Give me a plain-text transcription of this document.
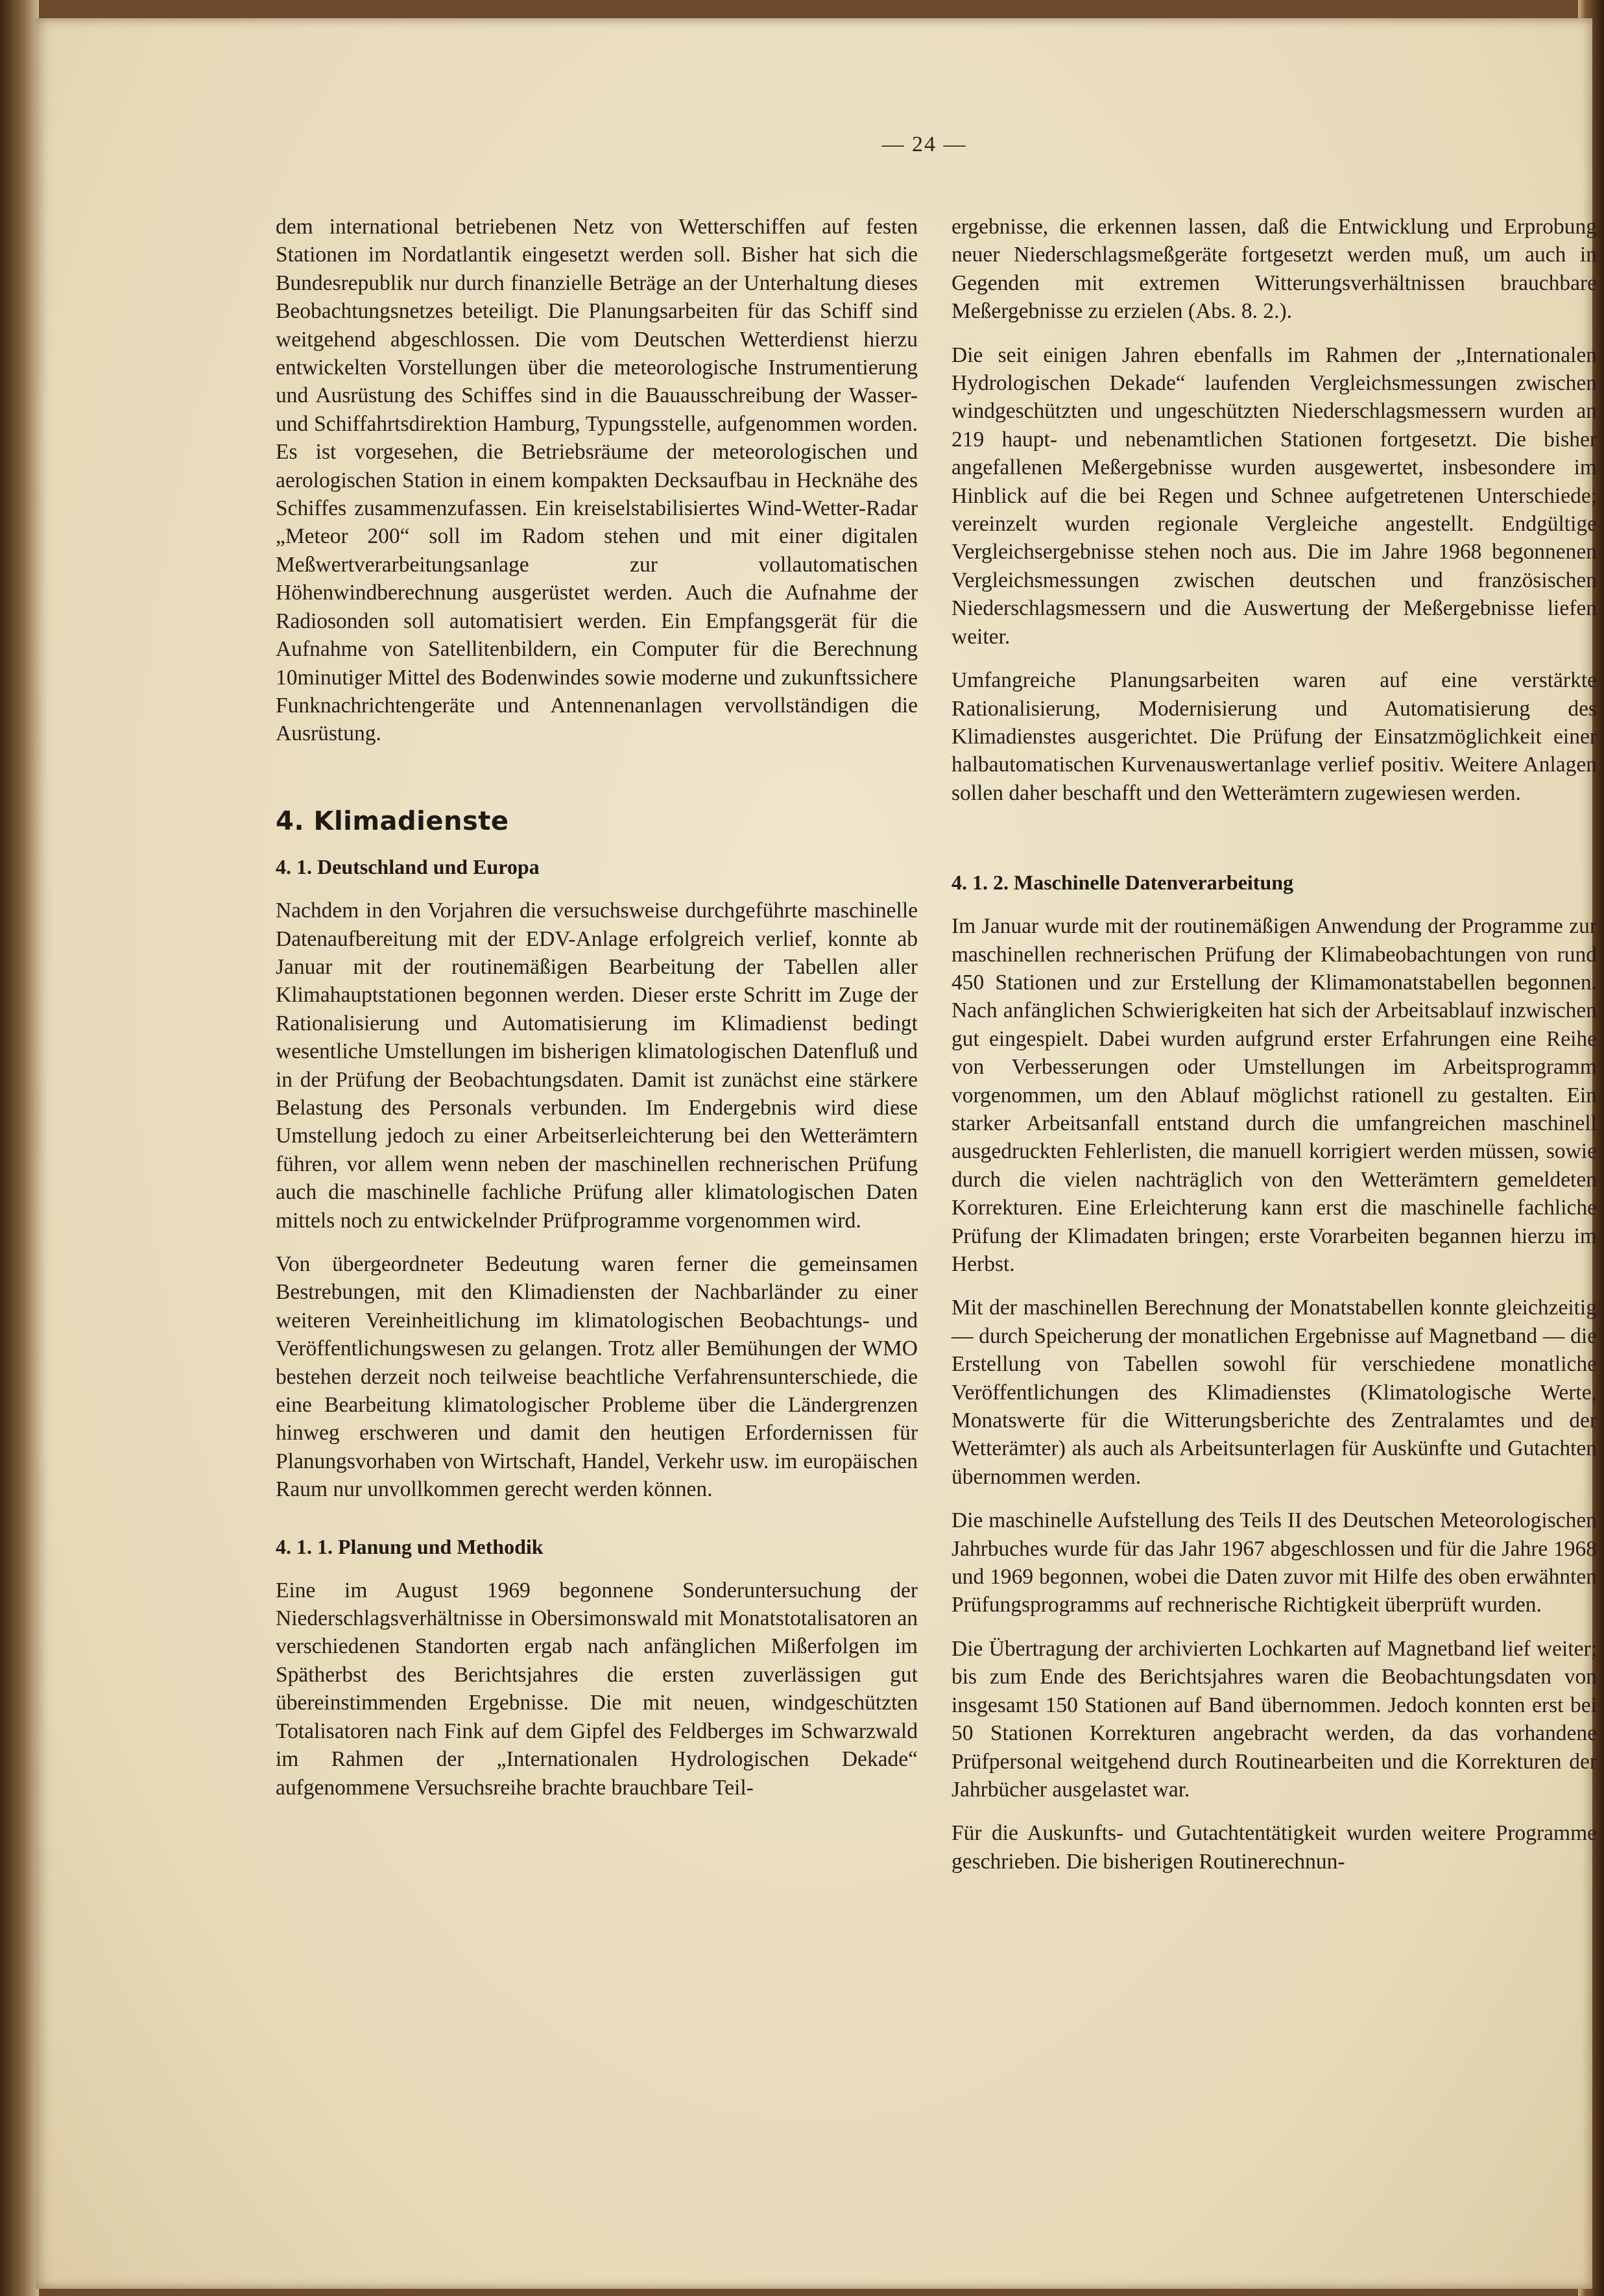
— 24 —

dem international betriebenen Netz von Wetterschiffen auf festen Stationen im Nordatlantik eingesetzt werden soll. Bisher hat sich die Bundesrepublik nur durch finanzielle Beträge an der Unterhaltung dieses Beobachtungsnetzes beteiligt. Die Planungsarbeiten für das Schiff sind weitgehend abgeschlossen. Die vom Deutschen Wetterdienst hierzu entwickelten Vorstellungen über die meteorologische Instrumentierung und Ausrüstung des Schiffes sind in die Bauausschreibung der Wasser- und Schiffahrtsdirektion Hamburg, Typungsstelle, aufgenommen worden. Es ist vorgesehen, die Betriebsräume der meteorologischen und aerologischen Station in einem kompakten Decksaufbau in Hecknähe des Schiffes zusammenzufassen. Ein kreiselstabilisiertes Wind-Wetter-Radar „Meteor 200“ soll im Radom stehen und mit einer digitalen Meßwertverarbeitungsanlage zur vollautomatischen Höhenwindberechnung ausgerüstet werden. Auch die Aufnahme der Radiosonden soll automatisiert werden. Ein Empfangsgerät für die Aufnahme von Satellitenbildern, ein Computer für die Berechnung 10minutiger Mittel des Bodenwindes sowie moderne und zukunftssichere Funknachrichtengeräte und Antennenanlagen vervollständigen die Ausrüstung.

4. Klimadienste
4. 1. Deutschland und Europa

Nachdem in den Vorjahren die versuchsweise durchgeführte maschinelle Datenaufbereitung mit der EDV-Anlage erfolgreich verlief, konnte ab Januar mit der routinemäßigen Bearbeitung der Tabellen aller Klimahauptstationen begonnen werden. Dieser erste Schritt im Zuge der Rationalisierung und Automatisierung im Klimadienst bedingt wesentliche Umstellungen im bisherigen klimatologischen Datenfluß und in der Prüfung der Beobachtungsdaten. Damit ist zunächst eine stärkere Belastung des Personals verbunden. Im Endergebnis wird diese Umstellung jedoch zu einer Arbeitserleichterung bei den Wetterämtern führen, vor allem wenn neben der maschinellen rechnerischen Prüfung auch die maschinelle fachliche Prüfung aller klimatologischen Daten mittels noch zu entwickelnder Prüfprogramme vorgenommen wird.

Von übergeordneter Bedeutung waren ferner die gemeinsamen Bestrebungen, mit den Klimadiensten der Nachbarländer zu einer weiteren Vereinheitlichung im klimatologischen Beobachtungs- und Veröffentlichungswesen zu gelangen. Trotz aller Bemühungen der WMO bestehen derzeit noch teilweise beachtliche Verfahrensunterschiede, die eine Bearbeitung klimatologischer Probleme über die Ländergrenzen hinweg erschweren und damit den heutigen Erfordernissen für Planungsvorhaben von Wirtschaft, Handel, Verkehr usw. im europäischen Raum nur unvollkommen gerecht werden können.

4. 1. 1. Planung und Methodik

Eine im August 1969 begonnene Sonderuntersuchung der Niederschlagsverhältnisse in Obersimonswald mit Monatstotalisatoren an verschiedenen Standorten ergab nach anfänglichen Mißerfolgen im Spätherbst des Berichtsjahres die ersten zuverlässigen gut übereinstimmenden Ergebnisse. Die mit neuen, windgeschützten Totalisatoren nach Fink auf dem Gipfel des Feldberges im Schwarzwald im Rahmen der „Internationalen Hydrologischen Dekade“ aufgenommene Versuchsreihe brachte brauchbare Teil-

ergebnisse, die erkennen lassen, daß die Entwicklung und Erprobung neuer Niederschlagsmeßgeräte fortgesetzt werden muß, um auch in Gegenden mit extremen Witterungsverhältnissen brauchbare Meßergebnisse zu erzielen (Abs. 8. 2.).

Die seit einigen Jahren ebenfalls im Rahmen der „Internationalen Hydrologischen Dekade“ laufenden Vergleichsmessungen zwischen windgeschützten und ungeschützten Niederschlagsmessern wurden an 219 haupt- und nebenamtlichen Stationen fortgesetzt. Die bisher angefallenen Meßergebnisse wurden ausgewertet, insbesondere im Hinblick auf die bei Regen und Schnee aufgetretenen Unterschiede; vereinzelt wurden regionale Vergleiche angestellt. Endgültige Vergleichsergebnisse stehen noch aus. Die im Jahre 1968 begonnenen Vergleichsmessungen zwischen deutschen und französischen Niederschlagsmessern und die Auswertung der Meßergebnisse liefen weiter.

Umfangreiche Planungsarbeiten waren auf eine verstärkte Rationalisierung, Modernisierung und Automatisierung des Klimadienstes ausgerichtet. Die Prüfung der Einsatzmöglichkeit einer halbautomatischen Kurvenauswertanlage verlief positiv. Weitere Anlagen sollen daher beschafft und den Wetterämtern zugewiesen werden.

4. 1. 2. Maschinelle Datenverarbeitung

Im Januar wurde mit der routinemäßigen Anwendung der Programme zur maschinellen rechnerischen Prüfung der Klimabeobachtungen von rund 450 Stationen und zur Erstellung der Klimamonatstabellen begonnen. Nach anfänglichen Schwierigkeiten hat sich der Arbeitsablauf inzwischen gut eingespielt. Dabei wurden aufgrund erster Erfahrungen eine Reihe von Verbesserungen oder Umstellungen im Arbeitsprogramm vorgenommen, um den Ablauf möglichst rationell zu gestalten. Ein starker Arbeitsanfall entstand durch die umfangreichen maschinell ausgedruckten Fehlerlisten, die manuell korrigiert werden müssen, sowie durch die vielen nachträglich von den Wetterämtern gemeldeten Korrekturen. Eine Erleichterung kann erst die maschinelle fachliche Prüfung der Klimadaten bringen; erste Vorarbeiten begannen hierzu im Herbst.

Mit der maschinellen Berechnung der Monatstabellen konnte gleichzeitig — durch Speicherung der monatlichen Ergebnisse auf Magnetband — die Erstellung von Tabellen sowohl für verschiedene monatliche Veröffentlichungen des Klimadienstes (Klimatologische Werte, Monatswerte für die Witterungsberichte des Zentralamtes und der Wetterämter) als auch als Arbeitsunterlagen für Auskünfte und Gutachten übernommen werden.

Die maschinelle Aufstellung des Teils II des Deutschen Meteorologischen Jahrbuches wurde für das Jahr 1967 abgeschlossen und für die Jahre 1968 und 1969 begonnen, wobei die Daten zuvor mit Hilfe des oben erwähnten Prüfungsprogramms auf rechnerische Richtigkeit überprüft wurden.

Die Übertragung der archivierten Lochkarten auf Magnetband lief weiter; bis zum Ende des Berichtsjahres waren die Beobachtungsdaten von insgesamt 150 Stationen auf Band übernommen. Jedoch konnten erst bei 50 Stationen Korrekturen angebracht werden, da das vorhandene Prüfpersonal weitgehend durch Routinearbeiten und die Korrekturen der Jahrbücher ausgelastet war.

Für die Auskunfts- und Gutachtentätigkeit wurden weitere Programme geschrieben. Die bisherigen Routinerechnun-
